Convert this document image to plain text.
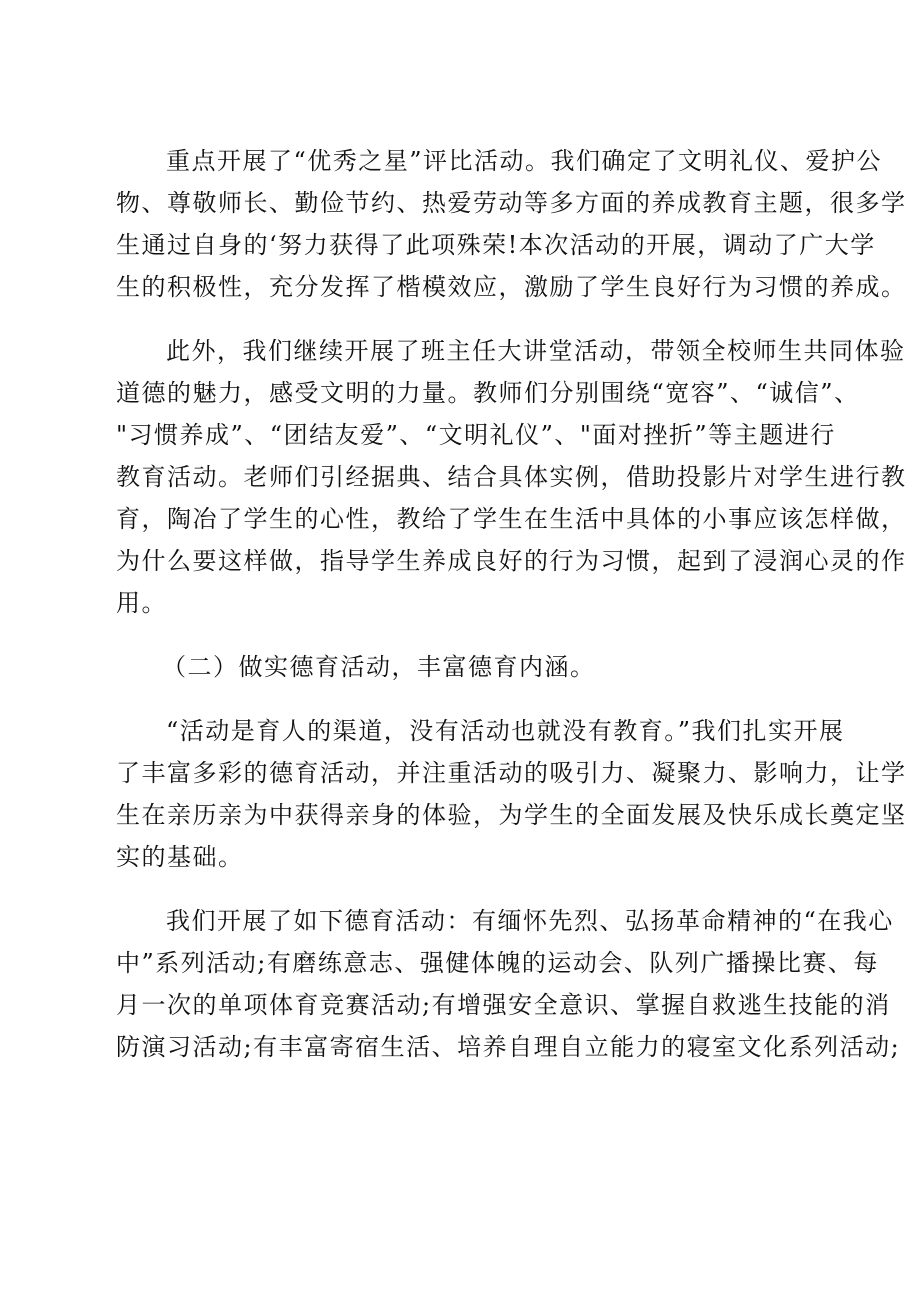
重点开展了“优秀之星”评比活动。我们确定了文明礼仪、爱护公
物、尊敬师长、勤俭节约、热爱劳动等多方面的养成教育主题，很多学
生通过自身的‘努力获得了此项殊荣!本次活动的开展，调动了广大学
生的积极性，充分发挥了楷模效应，激励了学生良好行为习惯的养成。

此外，我们继续开展了班主任大讲堂活动，带领全校师生共同体验
道德的魅力，感受文明的力量。教师们分别围绕“宽容”、“诚信”、
"习惯养成”、“团结友爱”、“文明礼仪”、"面对挫折”等主题进行
教育活动。老师们引经据典、结合具体实例，借助投影片对学生进行教
育，陶冶了学生的心性，教给了学生在生活中具体的小事应该怎样做，
为什么要这样做，指导学生养成良好的行为习惯，起到了浸润心灵的作
用。

（二）做实德育活动，丰富德育内涵。

“活动是育人的渠道，没有活动也就没有教育。”我们扎实开展
了丰富多彩的德育活动，并注重活动的吸引力、凝聚力、影响力，让学
生在亲历亲为中获得亲身的体验，为学生的全面发展及快乐成长奠定坚
实的基础。

我们开展了如下德育活动：有缅怀先烈、弘扬革命精神的“在我心
中”系列活动;有磨练意志、强健体魄的运动会、队列广播操比赛、每
月一次的单项体育竞赛活动;有增强安全意识、掌握自救逃生技能的消
防演习活动;有丰富寄宿生活、培养自理自立能力的寝室文化系列活动;
